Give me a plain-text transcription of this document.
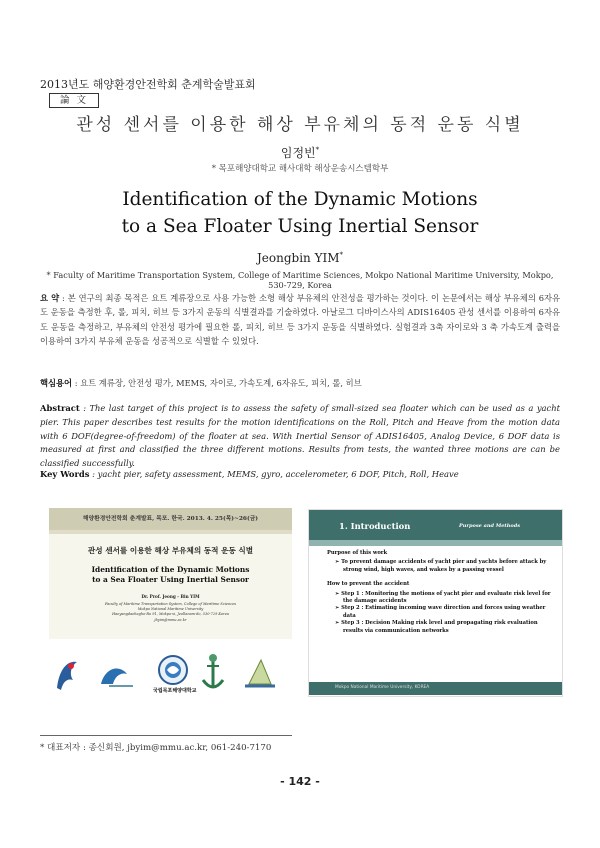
2013년도 해양환경안전학회 춘계학술발표회
論 文
관성 센서를 이용한 해상 부유체의 동적 운동 식별
임정빈*
* 목포해양대학교 해사대학 해상운송시스템학부
Identification of the Dynamic Motions
to a Sea Floater Using Inertial Sensor
Jeongbin YIM*
* Faculty of Maritime Transportation System, College of Maritime Sciences, Mokpo National Maritime University, Mokpo, 530-729, Korea
요 약 : 본 연구의 최종 목적은 요트 계류장으로 사용 가능한 소형 해상 부유체의 안전성을 평가하는 것이다. 이 논문에서는 해상 부유체의 6자유도 운동을 측정한 후, 롤, 피치, 히브 등 3가지 운동의 식별결과를 기술하였다. 아날로그 디바이스사의 ADIS16405 관성 센서를 이용하여 6자유도 운동을 측정하고, 부유체의 안전성 평가에 필요한 롤, 피치, 히브 등 3가지 운동을 식별하였다. 실험결과 3축 자이로와 3 축 가속도계 출력을 이용하여 3가지 부유체 운동을 성공적으로 식별할 수 있었다.
핵심용어 : 요트 계류장, 안전성 평가, MEMS, 자이로, 가속도계, 6자유도, 피치, 롤, 히브
Abstract : The last target of this project is to assess the safety of small-sized sea floater which can be used as a yacht pier. This paper describes test results for the motion identifications on the Roll, Pitch and Heave from the motion data with 6 DOF(degree-of-freedom) of the floater at sea. With Inertial Sensor of ADIS16405, Analog Device, 6 DOF data is measured at first and classified the three different motions. Results from tests, the wanted three motions are can be classified successfully.
Key Words : yacht pier, safety assessment, MEMS, gyro, accelerometer, 6 DOF, Pitch, Roll, Heave
해양환경안전학회 춘계발표, 목포. 한국. 2013. 4. 25(목)~26(금)
관성 센서를 이용한 해상 부유체의 동적 운동 식별
Identification of the Dynamic Motions
to a Sea Floater Using Inertial Sensor
Dr. Prof. Jeong - Bin YIM
Faculty of Maritime Transportation System, College of Maritime Sciences
Mokpo National Maritime University
Haeyangdaehagho-Ro 91, Mokpo-si, Jeollanam-do, 530-729 Korea
jbyim@mmu.ac.kr
국립목포해양대학교
1. Introduction	Purpose and Methods
Purpose of this work
➢ To prevent damage accidents of yacht pier and yachts before attack by strong wind, high waves, and wakes by a passing vessel
How to prevent the accident
➢ Step 1 : Monitoring the motions of yacht pier and evaluate risk level for the damage accidents
➢ Step 2 : Estimating incoming wave direction and forces using weather data
➢ Step 3 : Decision Making risk level and propagating risk evaluation results via communication networks
Mokpo National Maritime University, KOREA
* 대표저자 : 종신회원, jbyim@mmu.ac.kr, 061-240-7170
- 142 -
